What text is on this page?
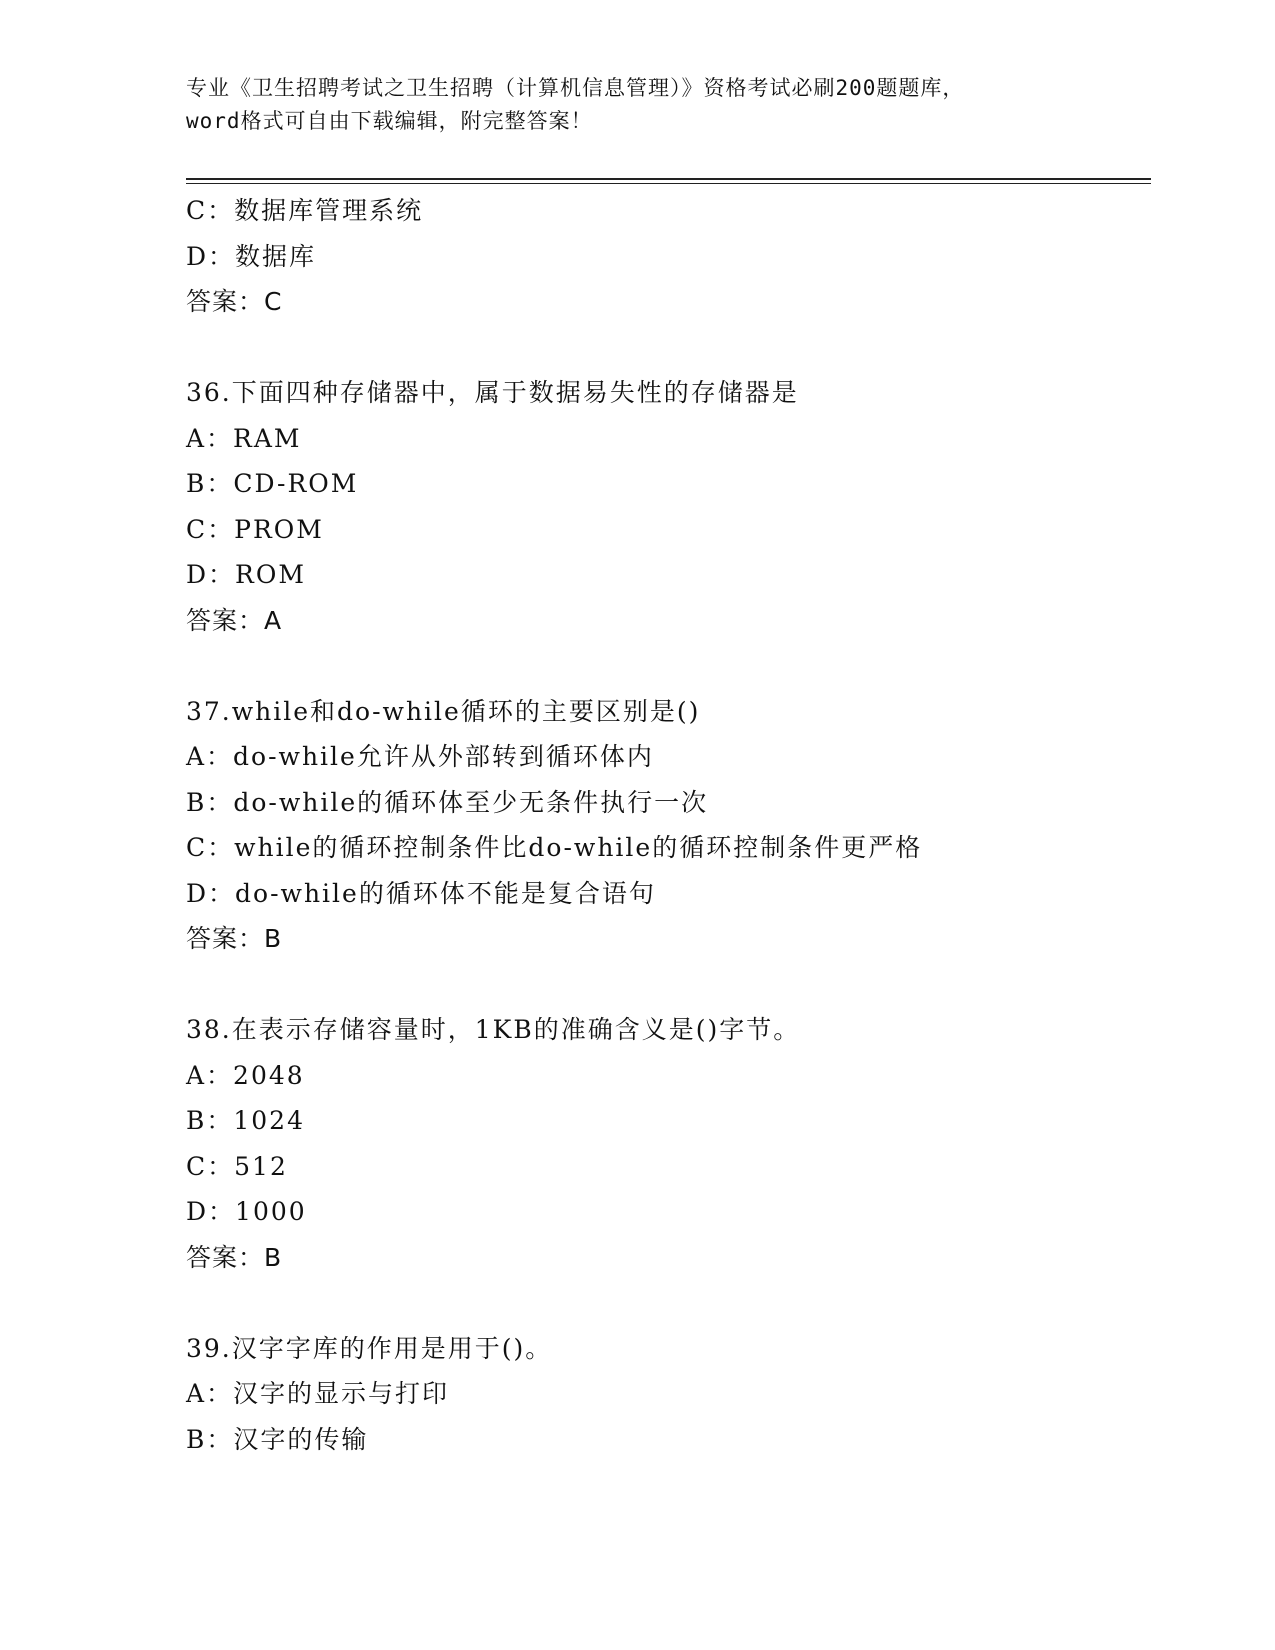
专业《卫生招聘考试之卫生招聘（计算机信息管理）》资格考试必刷200题题库，
word格式可自由下载编辑，附完整答案！
C：数据库管理系统
D：数据库
答案：C
36.下面四种存储器中，属于数据易失性的存储器是
A：RAM
B：CD-ROM
C：PROM
D：ROM
答案：A
37.while和do-while循环的主要区别是()
A：do-while允许从外部转到循环体内
B：do-while的循环体至少无条件执行一次
C：while的循环控制条件比do-while的循环控制条件更严格
D：do-while的循环体不能是复合语句
答案：B
38.在表示存储容量时，1KB的准确含义是()字节。
A：2048
B：1024
C：512
D：1000
答案：B
39.汉字字库的作用是用于()。
A：汉字的显示与打印
B：汉字的传输
